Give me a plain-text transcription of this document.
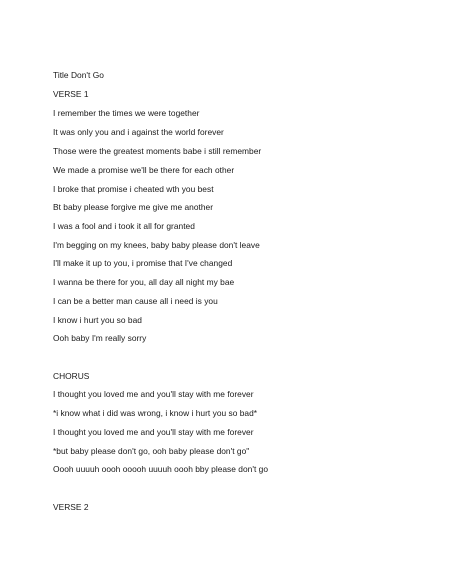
Title Don't Go
VERSE 1
I remember the times we were together
It was only you and i against the world forever
Those were the greatest moments babe i still remember
We made a promise we'll be there for each other
I broke that promise i cheated wth you best
Bt baby please forgive me give me another
I was a fool and i took it all for granted
I'm begging on my knees, baby baby please don't leave
I'll make it up to you, i promise that I've changed
I wanna be there for you, all day all night my bae
I can be a better man cause all i need is you
I know i hurt you so bad
Ooh baby I'm really sorry
CHORUS
I thought you loved me and you'll stay with me forever
*i know what i did was wrong, i know i hurt you so bad*
I thought you loved me and you'll stay with me forever
*but baby please don't go, ooh baby please don't go"
Oooh uuuuh oooh ooooh uuuuh oooh bby please don't go
VERSE 2
